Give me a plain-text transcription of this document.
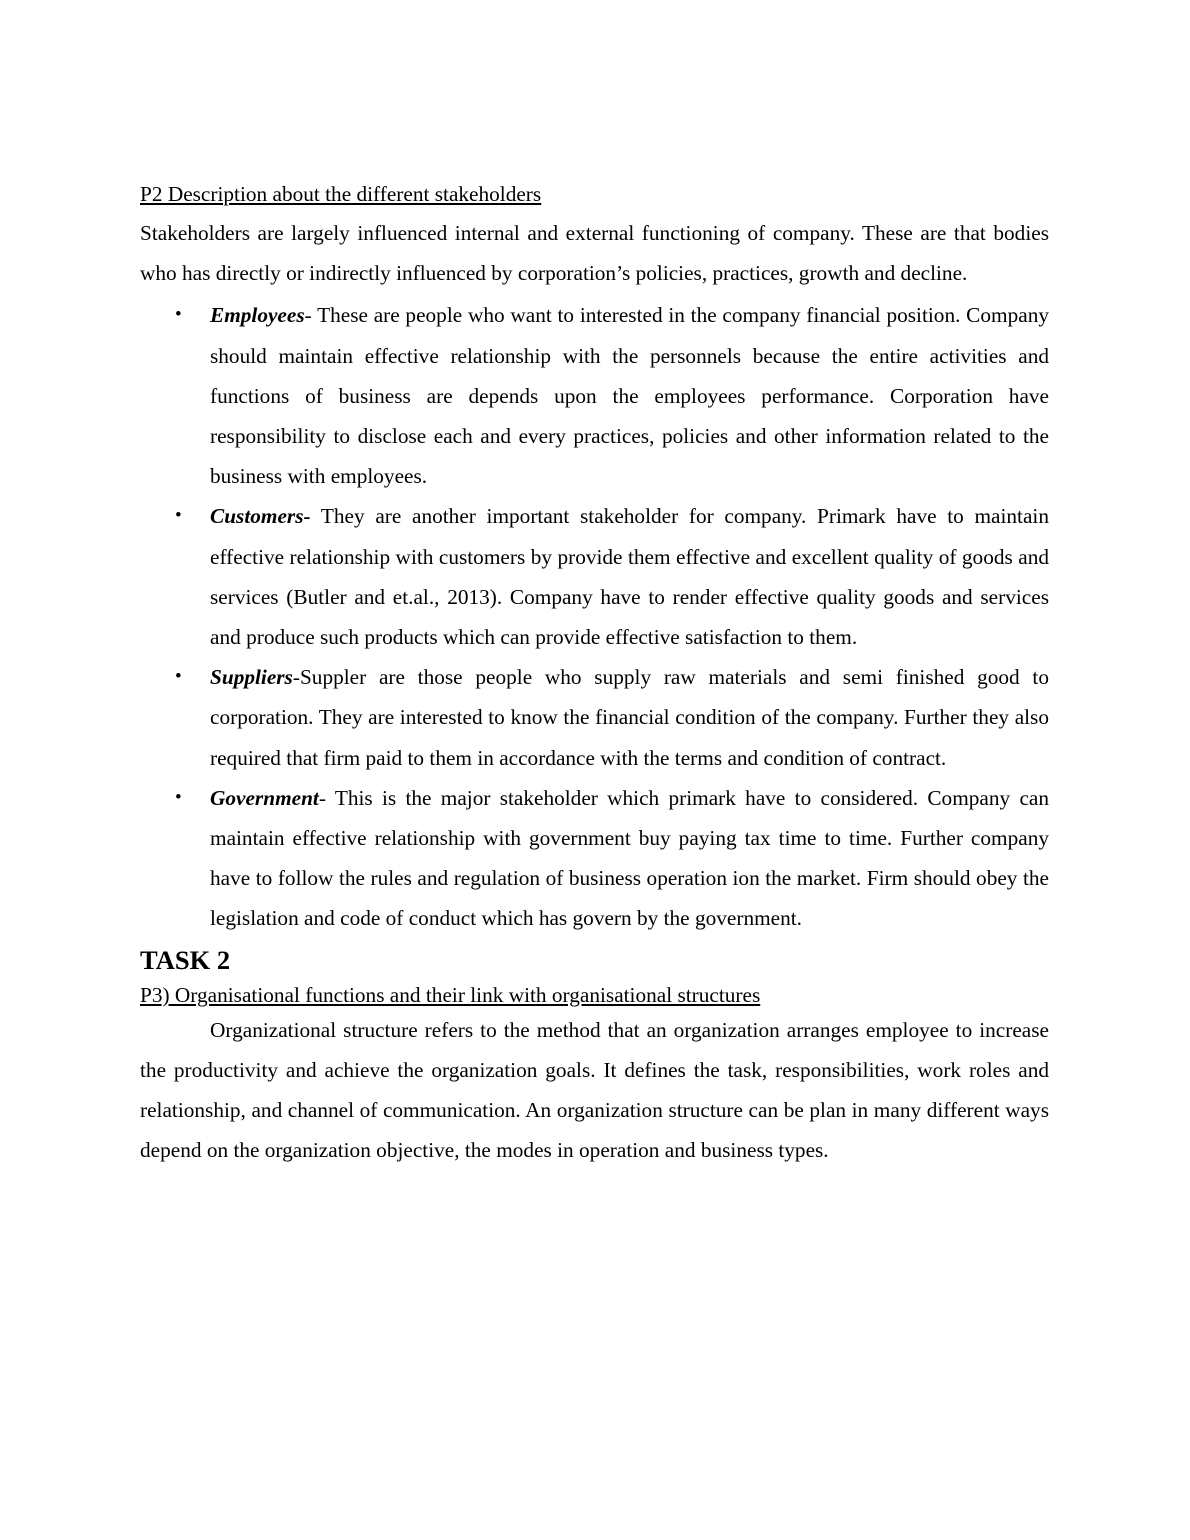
P2 Description about the different stakeholders

Stakeholders are largely influenced internal and external functioning of company. These are that bodies who has directly or indirectly influenced by corporation’s policies, practices, growth and decline.

• Employees- These are people who want to interested in the company financial position. Company should maintain effective relationship with the personnels because the entire activities and functions of business are depends upon the employees performance. Corporation have responsibility to disclose each and every practices, policies and other information related to the business with employees.
• Customers- They are another important stakeholder for company. Primark have to maintain effective relationship with customers by provide them effective and excellent quality of goods and services (Butler and et.al., 2013). Company have to render effective quality goods and services and produce such products which can provide effective satisfaction to them.
• Suppliers-Suppler are those people who supply raw materials and semi finished good to corporation. They are interested to know the financial condition of the company. Further they also required that firm paid to them in accordance with the terms and condition of contract.
• Government- This is the major stakeholder which primark have to considered. Company can maintain effective relationship with government buy paying tax time to time. Further company have to follow the rules and regulation of business operation ion the market. Firm should obey the legislation and code of conduct which has govern by the government.
TASK 2
P3) Organisational functions and their link with organisational structures

Organizational structure refers to the method that an organization arranges employee to increase the productivity and achieve the organization goals. It defines the task, responsibilities, work roles and relationship, and channel of communication. An organization structure can be plan in many different ways depend on the organization objective, the modes in operation and business types.
